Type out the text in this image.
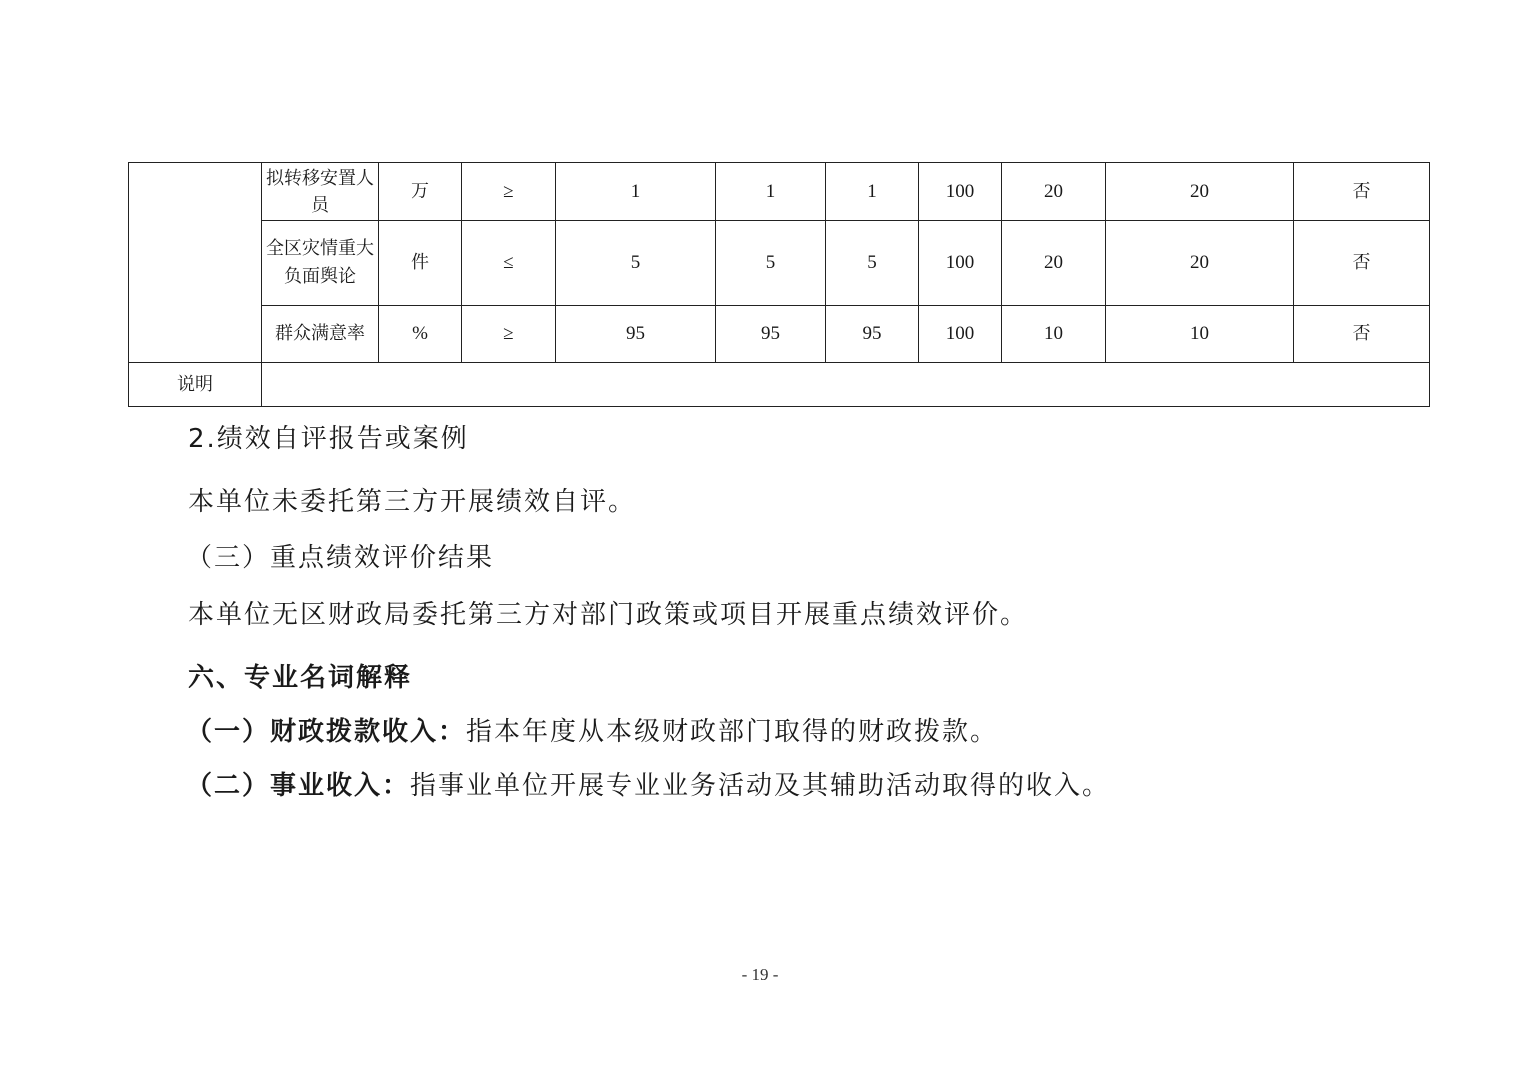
	拟转移安置人员	万	≥	1	1	1	100	20	20	否
	全区灾情重大负面舆论	件	≤	5	5	5	100	20	20	否
	群众满意率	%	≥	95	95	95	100	10	10	否
说明										

2.绩效自评报告或案例

本单位未委托第三方开展绩效自评。

（三）重点绩效评价结果

本单位无区财政局委托第三方对部门政策或项目开展重点绩效评价。

六、专业名词解释

（一）财政拨款收入：指本年度从本级财政部门取得的财政拨款。

（二）事业收入：指事业单位开展专业业务活动及其辅助活动取得的收入。

- 19 -
